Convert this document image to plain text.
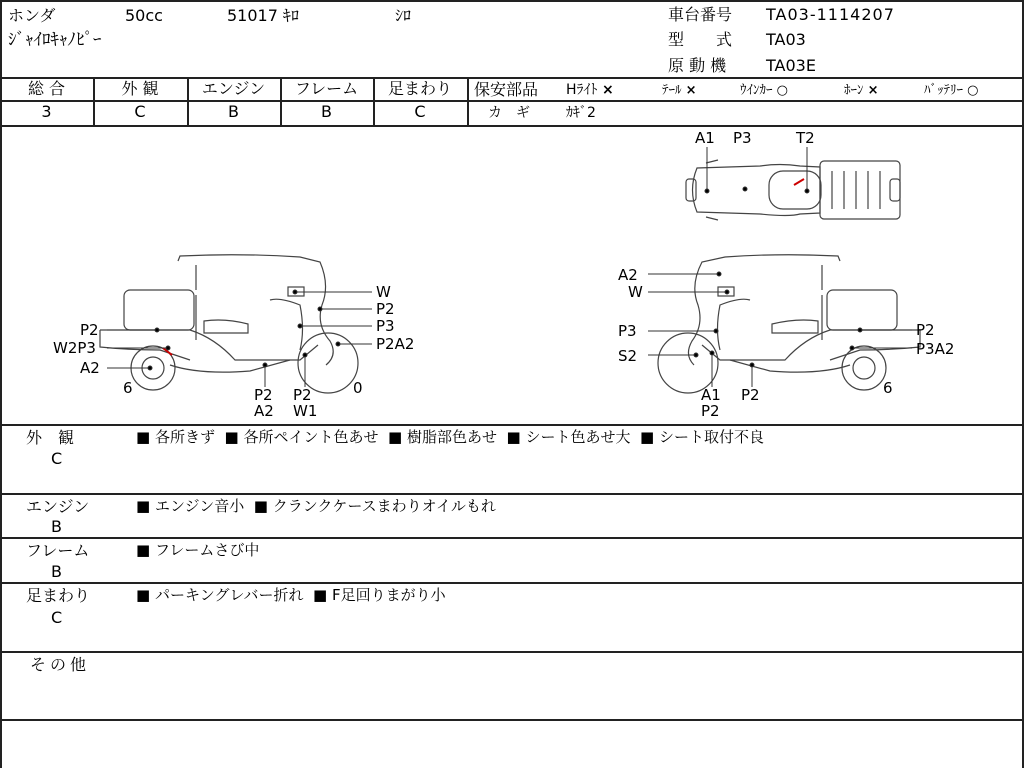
ホンダ	50cc	51017 ｷﾛ	ｼﾛ
ｼﾞｬｲﾛｷｬﾉﾋﾟｰ
車台番号 TA03-1114207
型　　式 TA03
原 動 機 TA03E
総 合
3
外 観
C
エンジン
B
フレーム
B
足まわり
C
保安部品 Hﾗｲﾄ ×	ﾃｰﾙ ×	ｳｲﾝｶｰ ○	ﾎｰﾝ ×	ﾊﾞｯﾃﾘｰ ○
カ　ギ	ｶｷﾞ2
A1 P3	T2
W
P2
P3
P2A2
P2
W2P3
A2
6	P2
A2
P2
W1
0
A2
W
P3
S2
P2
P3A2
A1
P2
P2	6
外　観
C
■ 各所きず  ■ 各所ペイント色あせ  ■ 樹脂部色あせ  ■ シート色あせ大  ■ シート取付不良
エンジン
B
■ エンジン音小  ■ クランクケースまわりオイルもれ
フレーム
B
■ フレームさび中
足まわり
C
■ パーキングレバー折れ  ■ F足回りまがり小
その他
